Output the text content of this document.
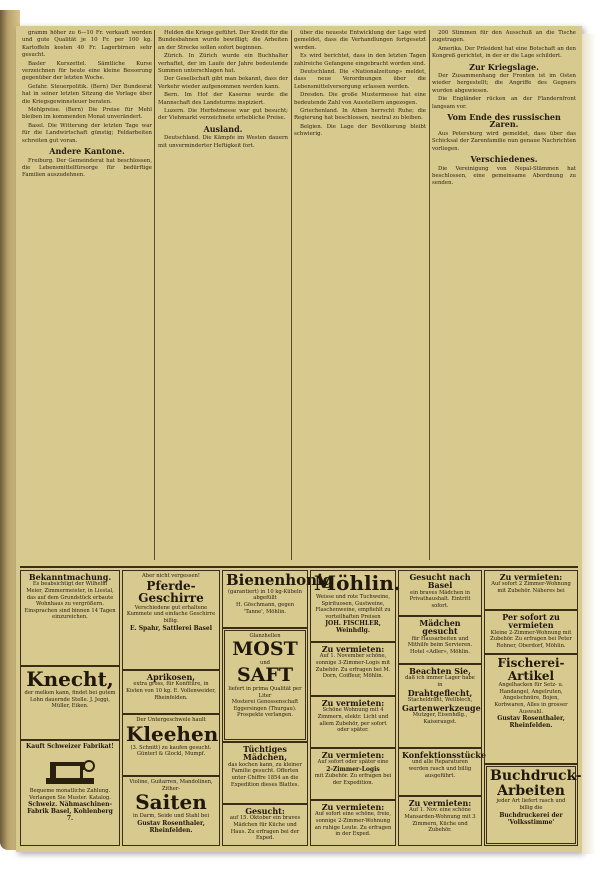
gramm höher zu 6—10 Fr. verkauft werden und gute Qualität je 10 Fr. per 100 kg. Kartoffeln kosten 40 Fr. Lagerbirnen sehr gesucht.

Basler Kurszettel. Sämtliche Kurse verzeichnen für heute eine kleine Besserung gegenüber der letzten Woche.

Gefahr. Steuerpolitik. (Bern) Der Bundesrat hat in seiner letzten Sitzung die Vorlage über die Kriegsgewinnsteuer beraten.

Mehlpreise. (Bern) Die Preise für Mehl bleiben im kommenden Monat unverändert.

Basel. Die Witterung der letzten Tage war für die Landwirtschaft günstig; Feldarbeiten schreiten gut voran.

Andere Kantone.

Freiburg. Der Gemeinderat hat beschlossen, die Lebensmittelfürsorge für bedürftige Familien auszudehnen.

Helden die Kriege geführt. Der Kredit für die Bundesbahnen wurde bewilligt; die Arbeiten an der Strecke sollen sofort beginnen.

Zürich. In Zürich wurde ein Buchhalter verhaftet, der im Laufe der Jahre bedeutende Summen unterschlagen hat.

Der Gesellschaft gibt man bekannt, dass der Verkehr wieder aufgenommen werden kann.

Bern. Im Hof der Kaserne wurde die Mannschaft des Landsturms inspiziert.

Luzern. Die Herbstmesse war gut besucht; der Viehmarkt verzeichnete erhebliche Preise.

Ausland.

Deutschland. Die Kämpfe im Westen dauern mit unverminderter Heftigkeit fort.

über die neueste Entwicklung der Lage wird gemeldet, dass die Verhandlungen fortgesetzt werden.

Es wird berichtet, dass in den letzten Tagen zahlreiche Gefangene eingebracht worden sind.

Deutschland. Die «Nationalzeitung» meldet, dass neue Verordnungen über die Lebensmittelversorgung erlassen werden.

Dresden. Die große Mustermesse hat eine bedeutende Zahl von Ausstellern angezogen.

Griechenland. In Athen herrscht Ruhe; die Regierung hat beschlossen, neutral zu bleiben.

Belgien. Die Lage der Bevölkerung bleibt schwierig.

200 Stimmen für den Ausschuß an die Tische zugetragen.

Amerika. Der Präsident hat eine Botschaft an den Kongreß gerichtet, in der er die Lage schildert.

Zur Kriegslage.

Der Zusammenhang der Fronten ist im Osten wieder hergestellt; die Angriffe des Gegners wurden abgewiesen.

Die Engländer rücken an der Flandernfront langsam vor.

Vom Ende des russischen Zaren.

Aus Petersburg wird gemeldet, dass über das Schicksal der Zarenfamilie nun genaue Nachrichten vorliegen.

Verschiedenes.

Die Vereinigung von Nepal-Stämmen hat beschlossen, eine gemeinsame Abordnung zu senden.

Bekanntmachung.
Es beabsichtigt der Wilhelm Meier, Zimmermeister, in Liestal, das auf dem Grundstück erbaute Wohnhaus zu vergrößern. Einsprachen sind binnen 14 Tagen einzureichen.
Knecht,
der melken kann, findet bei gutem Lohn dauernde Stelle. J. Jeggi, Müller, Eiken.
Kauft Schweizer Fabrikat!
Bequeme monatliche Zahlung. Verlangen Sie Muster. Katalog.
Schweiz. Nähmaschinen-Fabrik Basel, Kohlenberg 7.
Aber nicht vergessen!
Pferde-Geschirre
Verschiedene gut erhaltene Kummete und einfache Geschirre billig.
E. Spahr, Sattlerei Basel
Aprikosen,
extra gross, für Konfitüre, in Kisten von 10 kg. E. Vollenweider, Rheinfelden.
Der Untergeschwele hault
Kleehen
(3. Schnitt) zu kaufen gesucht. Günterl & Glockl, Mumpf.
Violine, Guitarren, Mandolinen, Zither-
Saiten
in Darm, Seide und Stahl bei
Gustav Rosenthaler, Rheinfelden.
Bienenhonig
(garantiert) in 10 kg-Kübeln abgefüllt
H. Göschmann, gegen 'Tanne', Möhlin.
Glanzhellen
MOST
und
SAFT
liefert in prima Qualität per Liter
Mosterei Genossenschaft Eggersingen (Thurgau). Prospekte verlangen.
Tüchtiges Mädchen,
das kochen kann, zu kleiner Familie gesucht. Offerten unter Chiffre 1854 an die Expedition dieses Blattes.
Gesucht:
auf 15. Oktober ein braves Mädchen für Küche und Haus. Zu erfragen bei der Exped.
Möhlin.
Weisse und rote Tuchweine, Spirituosen, Gustweine, Flaschenweine, empfiehlt zu vorteilhaften Preisen
JOH. FISCHLER, Weinhdlg.
Zu vermieten:
Auf 1. November schöne, sonnige 3-Zimmer-Logis mit Zubehör. Zu erfragen bei M. Dorn, Coiffeur, Möhlin.
Zu vermieten:
Schöne Wohnung mit 4 Zimmern, elektr. Licht und allem Zubehör, per sofort oder später.
Zu vermieten:
Auf sofort oder später eine
2-Zimmer-Logis
mit Zubehör. Zu erfragen bei der Expedition.
Zu vermieten:
Auf sofort eine schöne, freie, sonnige 2-Zimmer-Wohnung an ruhige Leute. Zu erfragen in der Exped.
Gesucht nach Basel
ein braves Mädchen in Privathaushalt. Eintritt sofort.
Mädchen gesucht
für Hausarbeiten und Mithilfe beim Servieren. Hotel «Adler», Möhlin.
Beachten Sie,
daß ich immer Lager habe in
Drahtgeflecht,
Stacheldraht, Wellblech,
Gartenwerkzeuge
Mutzger, Eisenhdlg., Kaiseraugst.
Konfektionsstücke
und alle Reparaturen werden rasch und billig ausgeführt.
Zu vermieten:
Auf 1. Nov. eine schöne Mansarden-Wohnung mit 3 Zimmern, Küche und Zubehör.
Zu vermieten:
Auf sofort 2 Zimmer-Wohnung mit Zubehör. Näheres bei
Per sofort zu vermieten
Kleine 2-Zimmer-Wohnung mit Zubehör. Zu erfragen bei Peter Rohner, Oberdorf, Möhlin.
Fischerei-Artikel
Angelhacken für Setz- u. Handangel, Angelruten, Angelschnüre, Bojen, Korbwaren, Alles in grosser Auswahl.
Gustav Rosenthaler, Rheinfelden.
Buchdruck-
Arbeiten
jeder Art liefert rasch und billig die
Buchdruckerei der 'Volksstimme'
